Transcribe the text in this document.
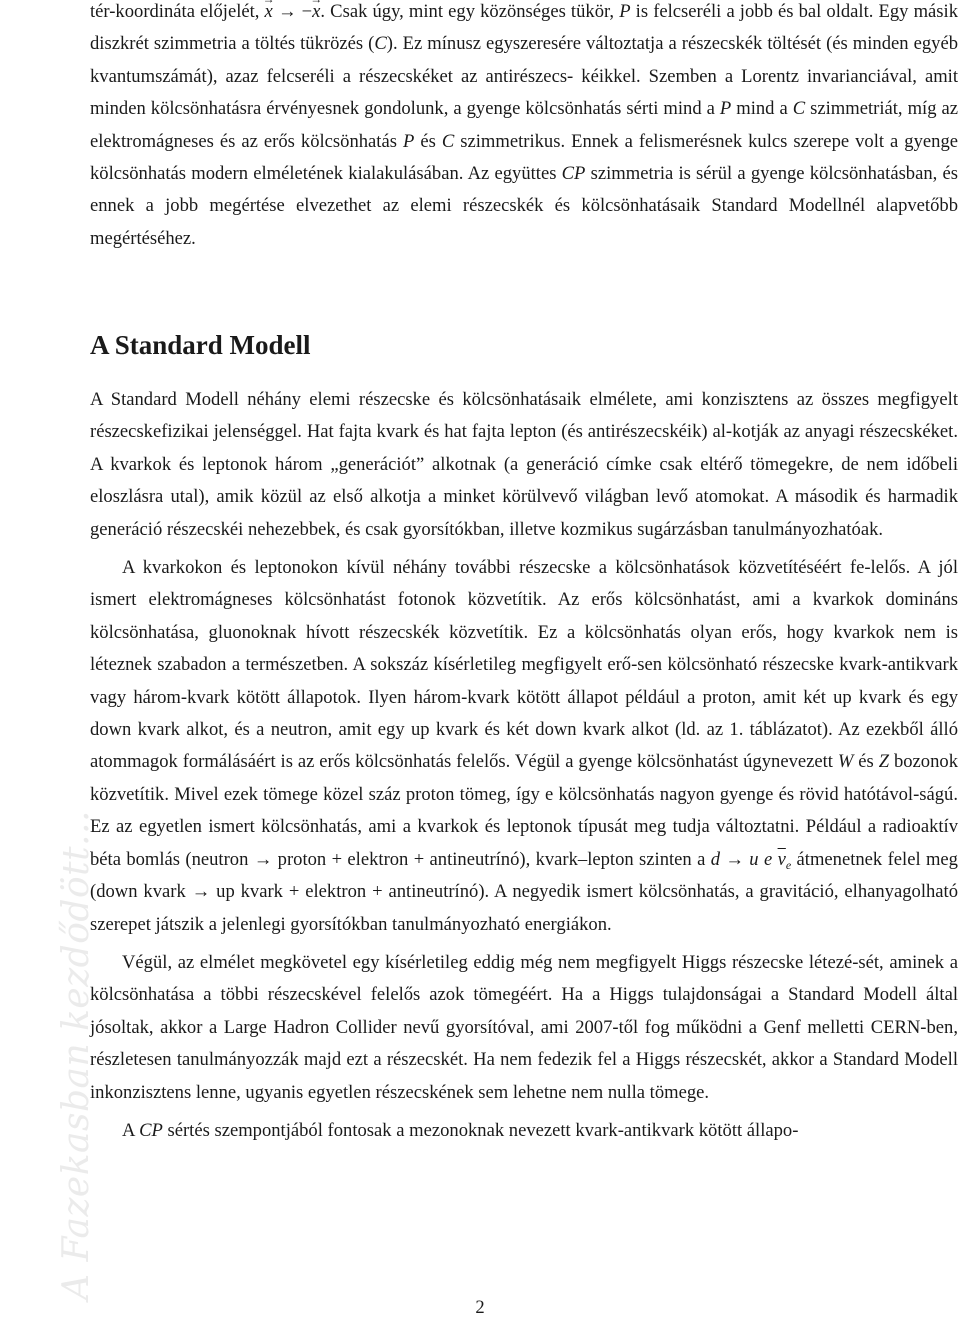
A Fazekasban kezdődött...

tér-koordináta előjelét, → x → −→ x. Csak úgy, mint egy közönséges tükör, P is felcseréli a jobb és bal oldalt. Egy másik diszkrét szimmetria a töltés tükrözés (C). Ez mínusz egyszeresére változtatja a részecskék töltését (és minden egyéb kvantumszámát), azaz felcseréli a részecskéket az antirészecs- kéikkel. Szemben a Lorentz invarianciával, amit minden kölcsönhatásra érvényesnek gondolunk, a gyenge kölcsönhatás sérti mind a P mind a C szimmetriát, míg az elektromágneses és az erős kölcsönhatás P és C szimmetrikus. Ennek a felismerésnek kulcs szerepe volt a gyenge kölcsönhatás modern elméletének kialakulásában. Az együttes CP szimmetria is sérül a gyenge kölcsönhatásban, és ennek a jobb megértése elvezethet az elemi részecskék és kölcsönhatásaik Standard Modellnél alapvetőbb megértéséhez.

A Standard Modell

A Standard Modell néhány elemi részecske és kölcsönhatásaik elmélete, ami konzisztens az összes megfigyelt részecskefizikai jelenséggel. Hat fajta kvark és hat fajta lepton (és antirészecskéik) al-kotják az anyagi részecskéket. A kvarkok és leptonok három „generációt” alkotnak (a generáció címke csak eltérő tömegekre, de nem időbeli eloszlásra utal), amik közül az első alkotja a minket körülvevő világban levő atomokat. A második és harmadik generáció részecskéi nehezebbek, és csak gyorsítókban, illetve kozmikus sugárzásban tanulmányozhatóak.

A kvarkokon és leptonokon kívül néhány további részecske a kölcsönhatások közvetítéséért fe-lelős. A jól ismert elektromágneses kölcsönhatást fotonok közvetítik. Az erős kölcsönhatást, ami a kvarkok domináns kölcsönhatása, gluonoknak hívott részecskék közvetítik. Ez a kölcsönhatás olyan erős, hogy kvarkok nem is léteznek szabadon a természetben. A sokszáz kísérletileg megfigyelt erő-sen kölcsönható részecske kvark-antikvark vagy három-kvark kötött állapotok. Ilyen három-kvark kötött állapot például a proton, amit két up kvark és egy down kvark alkot, és a neutron, amit egy up kvark és két down kvark alkot (ld. az 1. táblázatot). Az ezekből álló atommagok formálásáért is az erős kölcsönhatás felelős. Végül a gyenge kölcsönhatást úgynevezett W és Z bozonok közvetítik. Mivel ezek tömege közel száz proton tömeg, így e kölcsönhatás nagyon gyenge és rövid hatótávol-ságú. Ez az egyetlen ismert kölcsönhatás, ami a kvarkok és leptonok típusát meg tudja változtatni. Például a radioaktív béta bomlás (neutron → proton + elektron + antineutrínó), kvark–lepton szinten a d → u e $\overline{\nu}_e$ átmenetnek felel meg (down kvark → up kvark + elektron + antineutrínó). A negyedik ismert kölcsönhatás, a gravitáció, elhanyagolható szerepet játszik a jelenlegi gyorsítókban tanulmányozható energiákon.

Végül, az elmélet megkövetel egy kísérletileg eddig még nem megfigyelt Higgs részecske létezé-sét, aminek a kölcsönhatása a többi részecskével felelős azok tömegéért. Ha a Higgs tulajdonságai a Standard Modell által jósoltak, akkor a Large Hadron Collider nevű gyorsítóval, ami 2007-től fog működni a Genf melletti CERN-ben, részletesen tanulmányozzák majd ezt a részecskét. Ha nem fedezik fel a Higgs részecskét, akkor a Standard Modell inkonzisztens lenne, ugyanis egyetlen részecskének sem lehetne nem nulla tömege.

A CP sértés szempontjából fontosak a mezonoknak nevezett kvark-antikvark kötött állapo-

2
